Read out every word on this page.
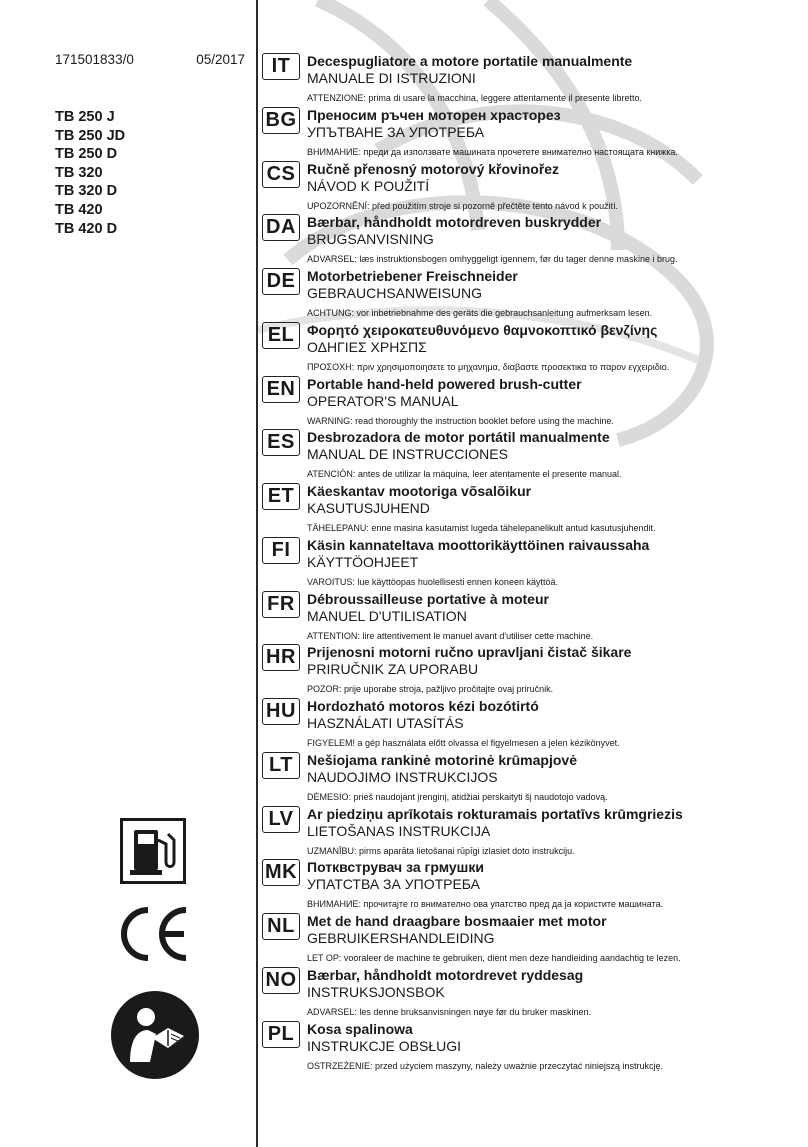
171501833/0	05/2017
TB 250 J
TB 250 JD
TB 250 D
TB 320
TB 320 D
TB 420
TB 420 D
IT	Decespugliatore a motore portatile manualmente
MANUALE DI ISTRUZIONI
ATTENZIONE: prima di usare la macchina, leggere attentamente il presente libretto.
BG Преносим ръчен моторен храсторез
УПЪТВАНЕ ЗА УПОТРЕБА
ВНИМАНИЕ: преди да използвате машината прочетете внимателно настоящата книжка.
CS Ručně přenosný motorový křovinořez
NÁVOD K POUŽITÍ
UPOZORNĚNÍ: před použitím stroje si pozorně přečtěte tento návod k použití.
DA Bærbar, håndholdt motordreven buskrydder
BRUGSANVISNING
ADVARSEL: læs instruktionsbogen omhyggeligt igennem, før du tager denne maskine i brug.
DE Motorbetriebener Freischneider
GEBRAUCHSANWEISUNG
ACHTUNG: vor inbetriebnahme des geräts die gebrauchsanleitung aufmerksam lesen.
EL Φορητό χειροκατευθυνόμενο θαμνοκοπτικό βενζίνης
ΟΔΗΓΙΕΣ ΧΡΗΣΠΣ
ΠΡΟΣΟΧΗ: πριν χρησιμοποιησετε το μηχανημα, διαβαστε προσεκτικα το παρον εγχειριδιο.
EN Portable hand-held powered brush-cutter
OPERATOR'S MANUAL
WARNING: read thoroughly the instruction booklet before using the machine.
ES Desbrozadora de motor portátil manualmente
MANUAL DE INSTRUCCIONES
ATENCIÓN: antes de utilizar la máquina, leer atentamente el presente manual.
ET Käeskantav mootoriga võsalõikur
KASUTUSJUHEND
TÄHELEPANU: enne masina kasutamist lugeda tähelepanelikult antud kasutusjuhendit.
FI	Käsin kannateltava moottorikäyttöinen raivaussaha
KÄYTTÖOHJEET
VAROITUS: lue käyttöopas huolellisesti ennen koneen käyttöä.
FR Débroussailleuse portative à moteur
MANUEL D'UTILISATION
ATTENTION: lire attentivement le manuel avant d'utiliser cette machine.
HR Prijenosni motorni ručno upravljani čistač šikare
PRIRUČNIK ZA UPORABU
POZOR: prije uporabe stroja, pažljivo pročitajte ovaj priručnik.
HU Hordozható motoros kézi bozótirtó
HASZNÁLATI UTASÍTÁS
FIGYELEM! a gép használata előtt olvassa el figyelmesen a jelen kézikönyvet.
LT	Nešiojama rankinė motorinė krūmapjovė
NAUDOJIMO INSTRUKCIJOS
DĖMESIO: prieš naudojant įrenginį, atidžiai perskaityti šį naudotojo vadovą.
LV Ar piedziņu aprīkotais rokturamais portatīvs krūmgriezis
LIETOŠANAS INSTRUKCIJA
UZMANĪBU: pirms aparāta lietošanai rūpīgi izlasiet doto instrukciju.
MK Потквструвач за грмушки
УПАТСТВА ЗА УПОТРЕБА
ВНИМАНИЕ: прочитајте го внимателно ова упатство пред да ја користите машината.
NL Met de hand draagbare bosmaaier met motor
GEBRUIKERSHANDLEIDING
LET OP: vooraleer de machine te gebruiken, dient men deze handleiding aandachtig te lezen.
NO Bærbar, håndholdt motordrevet ryddesag
INSTRUKSJONSBOK
ADVARSEL: les denne bruksanvisningen nøye før du bruker maskinen.
PL Kosa spalinowa
INSTRUKCJE OBSŁUGI
OSTRZEŻENIE: przed użyciem maszyny, należy uważnie przeczytać niniejszą instrukcję.
